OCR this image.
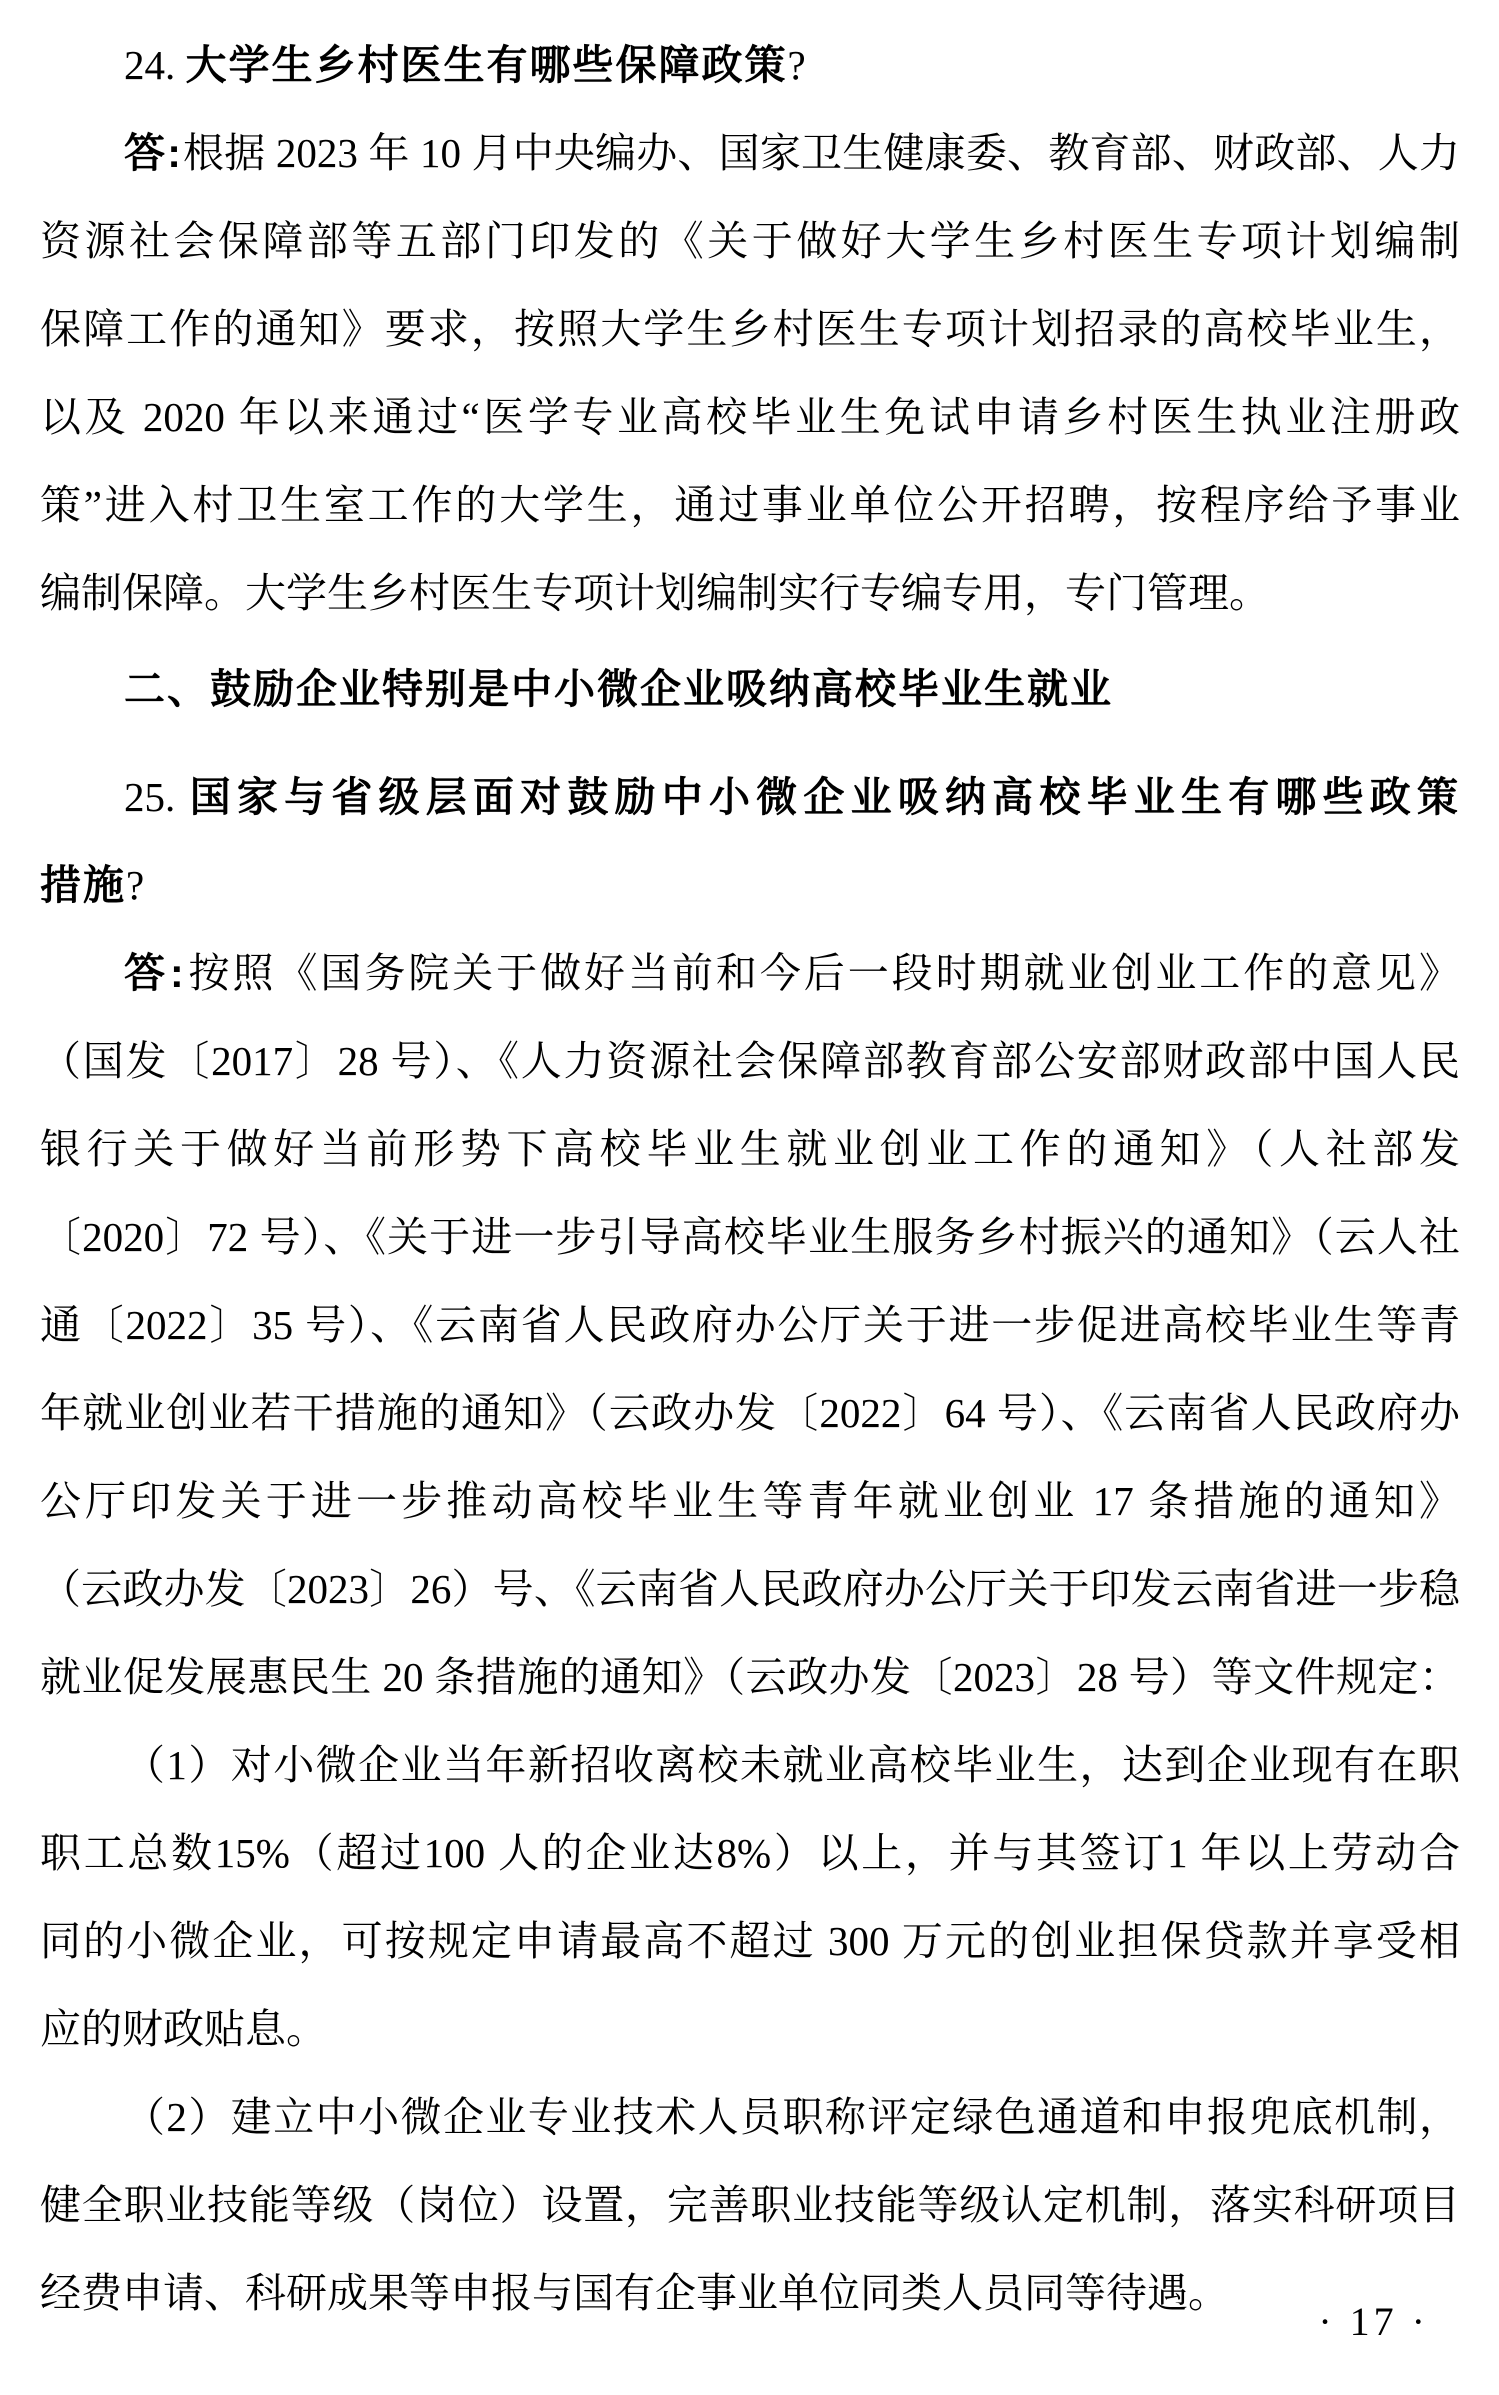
24. 大学生乡村医生有哪些保障政策?
答:根据 2023 年 10 月中央编办、国家卫生健康委、教育部、财政部、人力
资源社会保障部等五部门印发的《关于做好大学生乡村医生专项计划编制
保障工作的通知》要求，按照大学生乡村医生专项计划招录的高校毕业生，
以及 2020 年以来通过“医学专业高校毕业生免试申请乡村医生执业注册政
策”进入村卫生室工作的大学生，通过事业单位公开招聘，按程序给予事业
编制保障。大学生乡村医生专项计划编制实行专编专用，专门管理。
二、鼓励企业特别是中小微企业吸纳高校毕业生就业
25. 国家与省级层面对鼓励中小微企业吸纳高校毕业生有哪些政策
措施?
答:按照《国务院关于做好当前和今后一段时期就业创业工作的意见》
（国发〔2017〕28 号）、《人力资源社会保障部教育部公安部财政部中国人民
银行关于做好当前形势下高校毕业生就业创业工作的通知》（人社部发
〔2020〕72 号）、《关于进一步引导高校毕业生服务乡村振兴的通知》（云人社
通〔2022〕35 号）、《云南省人民政府办公厅关于进一步促进高校毕业生等青
年就业创业若干措施的通知》（云政办发〔2022〕64 号）、《云南省人民政府办
公厅印发关于进一步推动高校毕业生等青年就业创业 17 条措施的通知》
（云政办发〔2023〕26）号、《云南省人民政府办公厅关于印发云南省进一步稳
就业促发展惠民生 20 条措施的通知》（云政办发〔2023〕28 号）等文件规定：
（1）对小微企业当年新招收离校未就业高校毕业生，达到企业现有在职
职工总数15%（超过100 人的企业达8%）以上，并与其签订1 年以上劳动合
同的小微企业，可按规定申请最高不超过 300 万元的创业担保贷款并享受相
应的财政贴息。
（2）建立中小微企业专业技术人员职称评定绿色通道和申报兜底机制，
健全职业技能等级（岗位）设置，完善职业技能等级认定机制，落实科研项目
经费申请、科研成果等申报与国有企事业单位同类人员同等待遇。
· 17 ·
